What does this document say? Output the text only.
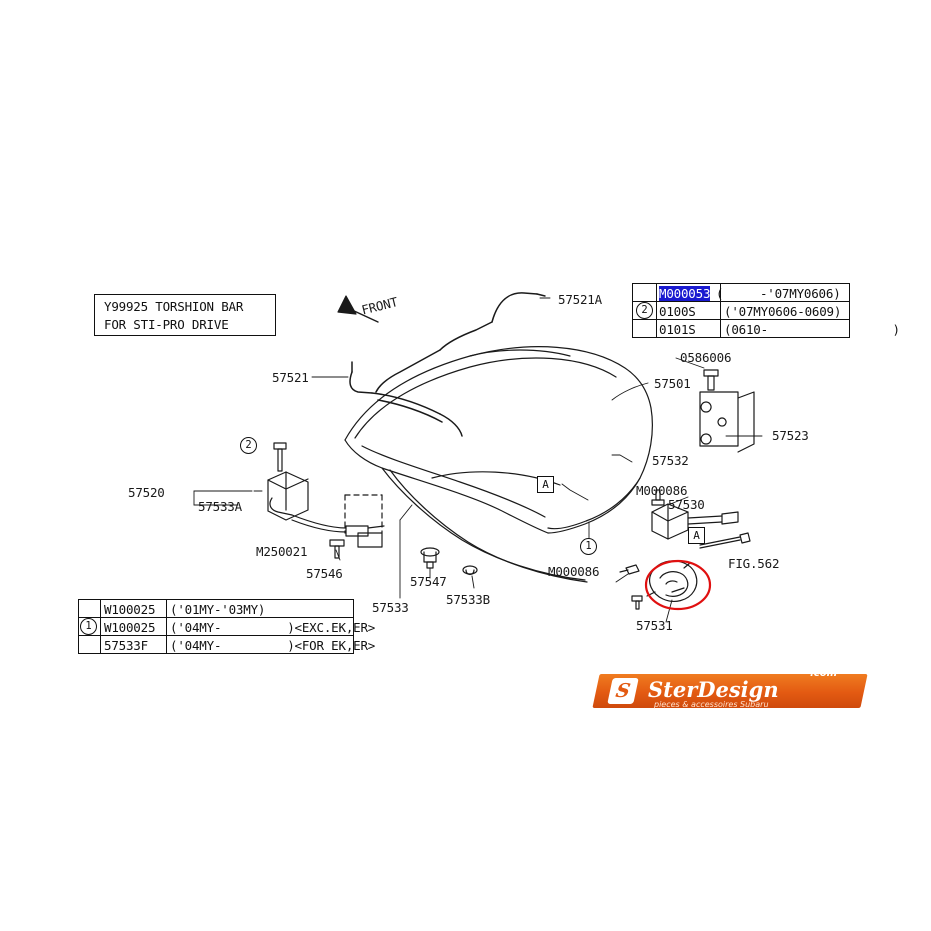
Y99925 TORSHION BAR
FOR STI-PRO DRIVE
FRONT	2
M000053 (     -'07MY0606)
0100S ('07MY0606-0609)
0101S (0610-                 )
1
W100025 ('01MY-'03MY)
W100025 ('04MY-         )<EXC.EK,ER>
57533F ('04MY-         )<FOR EK,ER>
57521A
57521	57501
0586006
57523
57532
M000086
57530
57520
57533A
M250021
57546
57547
57533
57533B
M000086
FIG.562
57531
1
2
A
A
S SterDesign
.com
pieces & accessoires Subaru
